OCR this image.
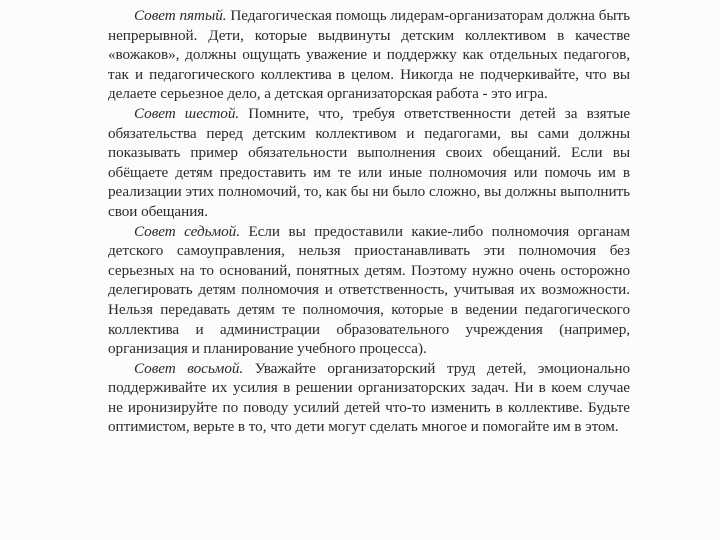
Совет пятый. Педагогическая помощь лидерам-организаторам должна быть непрерывной. Дети, которые выдвинуты детским коллективом в качестве «вожаков», должны ощущать уважение и поддержку как отдельных педагогов, так и педагогического коллектива в целом. Никогда не подчеркивайте, что вы делаете серьезное дело, а детская организаторская работа - это игра.

Совет шестой. Помните, что, требуя ответственности детей за взятые обязательства перед детским коллективом и педагогами, вы сами должны показывать пример обязательности выполнения своих обещаний. Если вы обёщаете детям предоставить им те или иные полномочия или помочь им в реализации этих полномочий, то, как бы ни было сложно, вы должны выполнить свои обещания.

Совет седьмой. Если вы предоставили какие-либо полномочия органам детского самоуправления, нельзя приостанавливать эти полномочия без серьезных на то оснований, понятных детям. Поэтому нужно очень осторожно делегировать детям полномочия и ответственность, учитывая их возможности. Нельзя передавать детям те полномочия, которые в ведении педагогического коллектива и администрации образовательного учреждения (например, организация и планирование учебного процесса).

Совет восьмой. Уважайте организаторский труд детей, эмоционально поддерживайте их усилия в решении организаторских задач. Ни в коем случае не иронизируйте по поводу усилий детей что-то изменить в коллективе. Будьте оптимистом, верьте в то, что дети могут сделать многое и помогайте им в этом.
